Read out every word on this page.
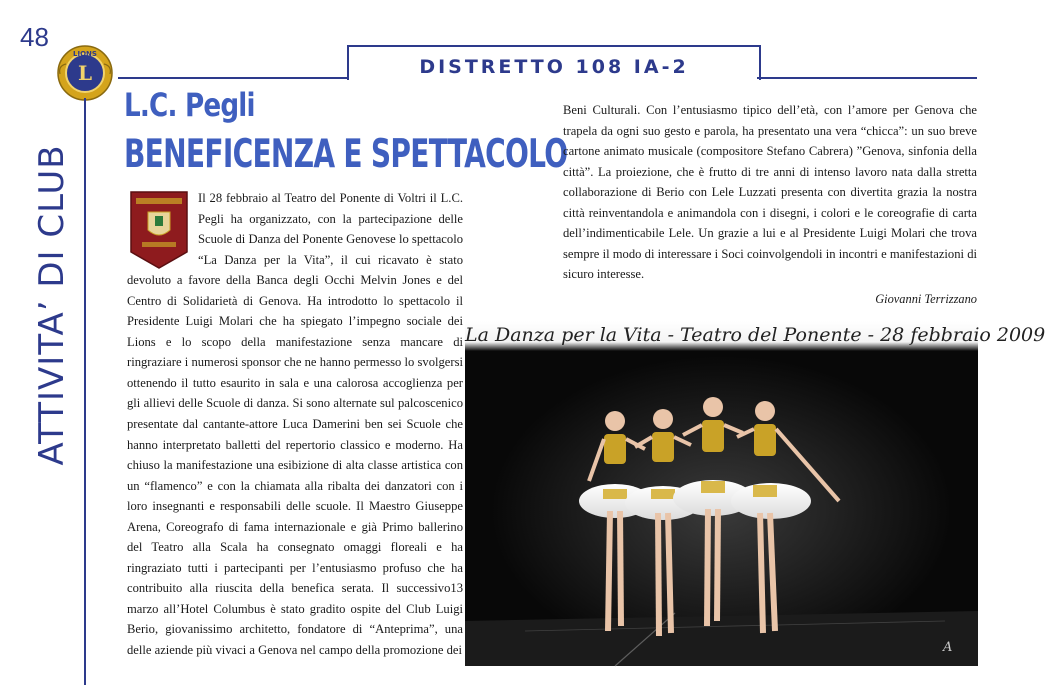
48
ATTIVITA’ DI CLUB
L
LIONS
DISTRETTO 108 IA-2
L.C. Pegli
BENEFICENZA E SPETTACOLO

Il 28 febbraio al Teatro del Ponente di Voltri il L.C. Pegli ha organizzato, con la partecipazione delle Scuole di Danza del Ponente Genovese lo spettacolo “La Danza per la Vita”, il cui ricavato è stato devoluto a favore della Banca degli Occhi Melvin Jones e del Centro di Solidarietà di Genova. Ha introdotto lo spettacolo il Presidente Luigi Molari che ha spiegato l’impegno sociale dei Lions e lo scopo della manifestazione senza mancare di ringraziare i numerosi sponsor che ne hanno permesso lo svolgersi ottenendo il tutto esaurito in sala e una calorosa accoglienza per gli allievi delle Scuole di danza. Si sono alternate sul palcoscenico presentate dal cantante-attore Luca Damerini ben sei Scuole che hanno interpretato balletti del repertorio classico e moderno. Ha chiuso la manifestazione una esibizione di alta classe artistica con un “flamenco” e con la chiamata alla ribalta dei danzatori con i loro insegnanti e responsabili delle scuole. Il Maestro Giuseppe Arena, Coreografo di fama internazionale e già Primo ballerino del Teatro alla Scala ha consegnato omaggi floreali e ha ringraziato tutti i partecipanti per l’entusiasmo profuso che ha contribuito alla riuscita della benefica serata. Il successivo13 marzo all’Hotel Columbus è stato gradito ospite del Club Luigi Berio, giovanissimo architetto, fondatore di “Anteprima”, una delle aziende più vivaci a Genova nel campo della promozione dei

Beni Culturali. Con l’entusiasmo tipico dell’età, con l’amore per Genova che trapela da ogni suo gesto e parola, ha presentato una vera “chicca”: un suo breve cartone animato musicale (compositore Stefano Cabrera) ”Genova, sinfonia della città”. La proiezione, che è frutto di tre anni di intenso lavoro nata dalla stretta collaborazione di Berio con Lele Luzzati presenta con divertita grazia la nostra città reinventandola e animandola con i disegni, i colori e le coreografie di carta dell’indimenticabile Lele. Un grazie a lui e al Presidente Luigi Molari che trova sempre il modo di interessare i Soci coinvolgendoli in incontri e manifestazioni di sicuro interesse.

Giovanni Terrizzano
A
La Danza per la Vita - Teatro del Ponente - 28 febbraio 2009
